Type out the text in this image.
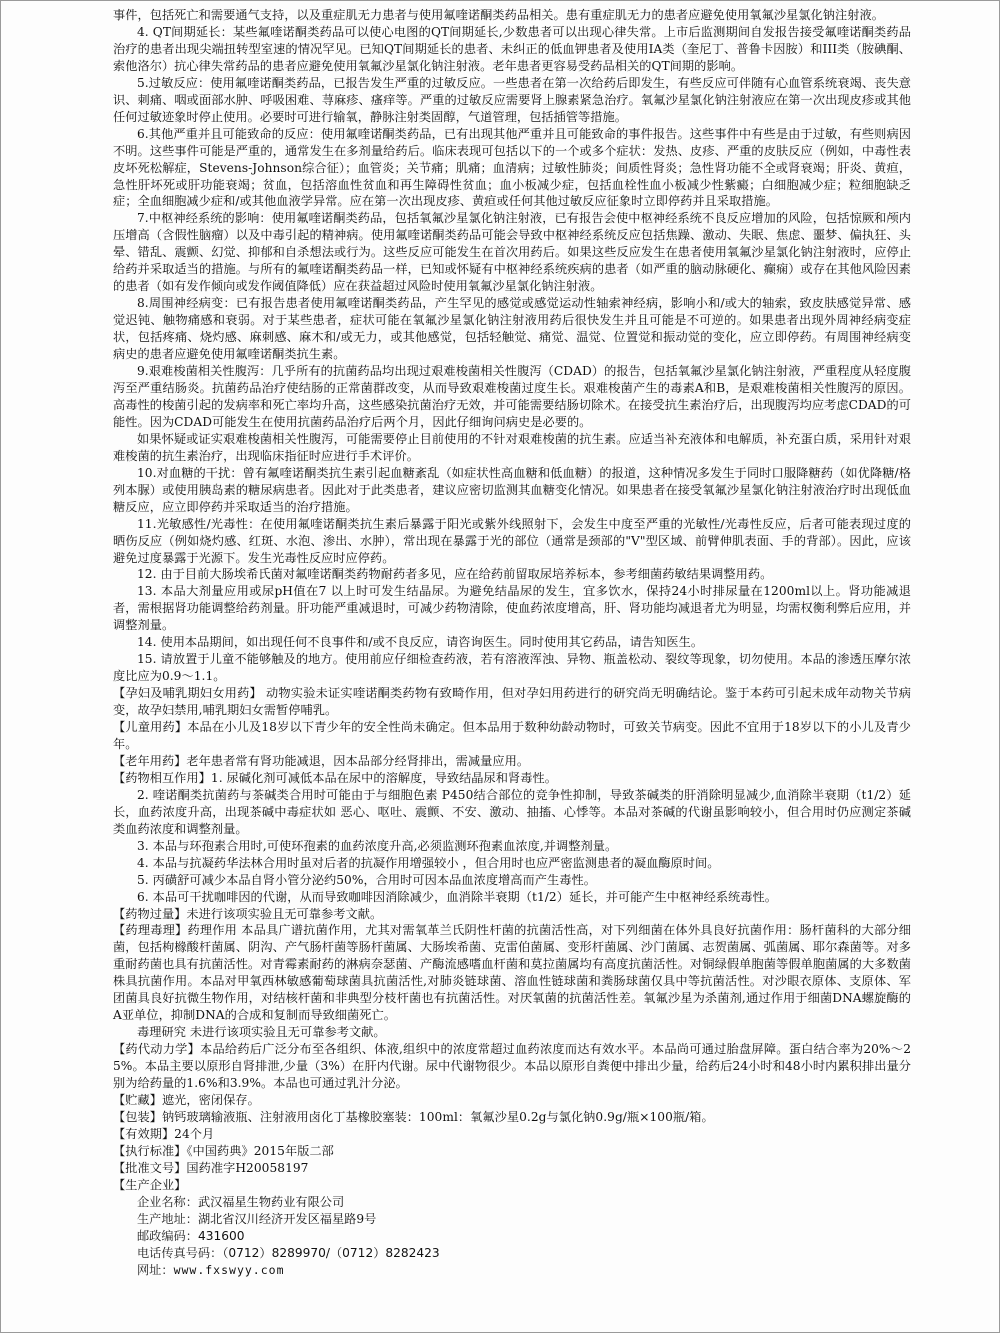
事件，包括死亡和需要通气支持，以及重症肌无力患者与使用氟喹诺酮类药品相关。患有重症肌无力的患者应避免使用氧氟沙星氯化钠注射液。

4. QT间期延长：某些氟喹诺酮类药品可以使心电图的QT间期延长,少数患者可以出现心律失常。上市后监测期间自发报告接受氟喹诺酮类药品治疗的患者出现尖端扭转型室速的情况罕见。已知QT间期延长的患者、未纠正的低血钾患者及使用IA类（奎尼丁、普鲁卡因胺）和III类（胺碘酮、索他洛尔）抗心律失常药品的患者应避免使用氧氟沙星氯化钠注射液。老年患者更容易受药品相关的QT间期的影响。

5.过敏反应：使用氟喹诺酮类药品，已报告发生严重的过敏反应。一些患者在第一次给药后即发生，有些反应可伴随有心血管系统衰竭、丧失意识、刺痛、咽或面部水肿、呼吸困难、荨麻疹、瘙痒等。严重的过敏反应需要肾上腺素紧急治疗。氧氟沙星氯化钠注射液应在第一次出现皮疹或其他任何过敏迹象时停止使用。必要时可进行输氧，静脉注射类固醇，气道管理，包括插管等措施。

6.其他严重并且可能致命的反应：使用氟喹诺酮类药品，已有出现其他严重并且可能致命的事件报告。这些事件中有些是由于过敏，有些则病因不明。这些事件可能是严重的，通常发生在多剂量给药后。临床表现可包括以下的一个或多个症状：发热、皮疹、严重的皮肤反应（例如，中毒性表皮坏死松解症，Stevens-Johnson综合征）；血管炎；关节痛；肌痛；血清病；过敏性肺炎；间质性肾炎；急性肾功能不全或肾衰竭；肝炎、黄疸，急性肝坏死或肝功能衰竭；贫血，包括溶血性贫血和再生障碍性贫血；血小板减少症，包括血栓性血小板减少性紫癜；白细胞减少症；粒细胞缺乏症；全血细胞减少症和/或其他血液学异常。应在第一次出现皮疹、黄疸或任何其他过敏反应征象时立即停药并且采取措施。

7.中枢神经系统的影响：使用氟喹诺酮类药品，包括氧氟沙星氯化钠注射液，已有报告会使中枢神经系统不良反应增加的风险，包括惊厥和颅内压增高（含假性脑瘤）以及中毒引起的精神病。使用氟喹诺酮类药品可能会导致中枢神经系统反应包括焦躁、激动、失眠、焦虑、噩梦、偏执狂、头晕、错乱、震颤、幻觉、抑郁和自杀想法或行为。这些反应可能发生在首次用药后。如果这些反应发生在患者使用氧氟沙星氯化钠注射液时，应停止给药并采取适当的措施。与所有的氟喹诺酮类药品一样，已知或怀疑有中枢神经系统疾病的患者（如严重的脑动脉硬化、癫痫）或存在其他风险因素的患者（如有发作倾向或发作阈值降低）应在获益超过风险时使用氧氟沙星氯化钠注射液。

8.周围神经病变：已有报告患者使用氟喹诺酮类药品，产生罕见的感觉或感觉运动性轴索神经病，影响小和/或大的轴索，致皮肤感觉异常、感觉迟钝、触物痛感和衰弱。对于某些患者，症状可能在氧氟沙星氯化钠注射液用药后很快发生并且可能是不可逆的。如果患者出现外周神经病变症状，包括疼痛、烧灼感、麻刺感、麻木和/或无力，或其他感觉，包括轻触觉、痛觉、温觉、位置觉和振动觉的变化，应立即停药。有周围神经病变病史的患者应避免使用氟喹诺酮类抗生素。

9.艰难梭菌相关性腹泻：几乎所有的抗菌药品均出现过艰难梭菌相关性腹泻（CDAD）的报告，包括氧氟沙星氯化钠注射液，严重程度从轻度腹泻至严重结肠炎。抗菌药品治疗使结肠的正常菌群改变，从而导致艰难梭菌过度生长。艰难梭菌产生的毒素A和B，是艰难梭菌相关性腹泻的原因。高毒性的梭菌引起的发病率和死亡率均升高，这些感染抗菌治疗无效，并可能需要结肠切除术。在接受抗生素治疗后，出现腹泻均应考虑CDAD的可能性。因为CDAD可能发生在使用抗菌药品治疗后两个月，因此仔细询问病史是必要的。

如果怀疑或证实艰难梭菌相关性腹泻，可能需要停止目前使用的不针对艰难梭菌的抗生素。应适当补充液体和电解质，补充蛋白质，采用针对艰难梭菌的抗生素治疗，出现临床指征时应进行手术评价。

10.对血糖的干扰：曾有氟喹诺酮类抗生素引起血糖紊乱（如症状性高血糖和低血糖）的报道，这种情况多发生于同时口服降糖药（如优降糖/格列本脲）或使用胰岛素的糖尿病患者。因此对于此类患者，建议应密切监测其血糖变化情况。如果患者在接受氧氟沙星氯化钠注射液治疗时出现低血糖反应，应立即停药并采取适当的治疗措施。

11.光敏感性/光毒性：在使用氟喹诺酮类抗生素后暴露于阳光或紫外线照射下，会发生中度至严重的光敏性/光毒性反应，后者可能表现过度的晒伤反应（例如烧灼感、红斑、水泡、渗出、水肿），常出现在暴露于光的部位（通常是颈部的"V"型区域、前臂伸肌表面、手的背部）。因此，应该避免过度暴露于光源下。发生光毒性反应时应停药。

12. 由于目前大肠埃希氏菌对氟喹诺酮类药物耐药者多见，应在给药前留取尿培养标本，参考细菌药敏结果调整用药。

13. 本品大剂量应用或尿pH值在7 以上时可发生结晶尿。为避免结晶尿的发生，宜多饮水，保持24小时排尿量在1200ml以上。肾功能减退者，需根据肾功能调整给药剂量。肝功能严重减退时，可减少药物清除，使血药浓度增高，肝、肾功能均减退者尤为明显，均需权衡利弊后应用，并调整剂量。

14. 使用本品期间，如出现任何不良事件和/或不良反应，请咨询医生。同时使用其它药品，请告知医生。

15. 请放置于儿童不能够触及的地方。使用前应仔细检查药液，若有溶液浑浊、异物、瓶盖松动、裂纹等现象，切勿使用。本品的渗透压摩尔浓度比应为0.9～1.1。

【孕妇及哺乳期妇女用药】 动物实验未证实喹诺酮类药物有致畸作用，但对孕妇用药进行的研究尚无明确结论。鉴于本药可引起未成年动物关节病变，故孕妇禁用,哺乳期妇女需暂停哺乳。

【儿童用药】本品在小儿及18岁以下青少年的安全性尚未确定。但本品用于数种幼龄动物时，可致关节病变。因此不宜用于18岁以下的小儿及青少年。

【老年用药】老年患者常有肾功能减退，因本品部分经肾排出，需减量应用。

【药物相互作用】1. 尿碱化剂可减低本品在尿中的溶解度，导致结晶尿和肾毒性。

2. 喹诺酮类抗菌药与茶碱类合用时可能由于与细胞色素 P450结合部位的竞争性抑制，导致茶碱类的肝消除明显减少,血消除半衰期（t1/2）延长，血药浓度升高，出现茶碱中毒症状如 恶心、呕吐、震颤、不安、激动、抽搐、心悸等。本品对茶碱的代谢虽影响较小，但合用时仍应测定茶碱类血药浓度和调整剂量。

3. 本品与环孢素合用时,可使环孢素的血药浓度升高,必须监测环孢素血浓度,并调整剂量。

4. 本品与抗凝药华法林合用时虽对后者的抗凝作用增强较小 ，但合用时也应严密监测患者的凝血酶原时间。

5. 丙磺舒可减少本品自肾小管分泌约50%，合用时可因本品血浓度增高而产生毒性。

6. 本品可干扰咖啡因的代谢，从而导致咖啡因消除减少，血消除半衰期（t1/2）延长，并可能产生中枢神经系统毒性。

【药物过量】未进行该项实验且无可靠参考文献。

【药理毒理】药理作用 本品具广谱抗菌作用，尤其对需氧革兰氏阴性杆菌的抗菌活性高，对下列细菌在体外具良好抗菌作用：肠杆菌科的大部分细菌，包括枸橼酸杆菌属、阴沟、产气肠杆菌等肠杆菌属、大肠埃希菌、克雷伯菌属、变形杆菌属、沙门菌属、志贺菌属、弧菌属、耶尔森菌等。对多重耐药菌也具有抗菌活性。对青霉素耐药的淋病奈瑟菌、产酶流感嗜血杆菌和莫拉菌属均有高度抗菌活性。对铜绿假单胞菌等假单胞菌属的大多数菌株具抗菌作用。本品对甲氧西林敏感葡萄球菌具抗菌活性,对肺炎链球菌、溶血性链球菌和粪肠球菌仅具中等抗菌活性。对沙眼衣原体、支原体、军团菌具良好抗微生物作用，对结核杆菌和非典型分枝杆菌也有抗菌活性。对厌氧菌的抗菌活性差。氧氟沙星为杀菌剂,通过作用于细菌DNA螺旋酶的A亚单位，抑制DNA的合成和复制而导致细菌死亡。

毒理研究 未进行该项实验且无可靠参考文献。

【药代动力学】本品给药后广泛分布至各组织、体液,组织中的浓度常超过血药浓度而达有效水平。本品尚可通过胎盘屏障。蛋白结合率为20%～25%。本品主要以原形自肾排泄,少量（3%）在肝内代谢。尿中代谢物很少。本品以原形自粪便中排出少量，给药后24小时和48小时内累积排出量分别为给药量的1.6%和3.9%。本品也可通过乳汁分泌。

【贮藏】遮光，密闭保存。

【包装】钠钙玻璃输液瓶、注射液用卤化丁基橡胶塞装：100ml：氧氟沙星0.2g与氯化钠0.9g/瓶×100瓶/箱。

【有效期】24个月

【执行标准】《中国药典》2015年版二部

【批准文号】国药准字H20058197

【生产企业】

企业名称：武汉福星生物药业有限公司

生产地址：湖北省汉川经济开发区福星路9号

邮政编码：431600

电话传真号码：（0712）8289970/（0712）8282423

网址：www.fxswyy.com
